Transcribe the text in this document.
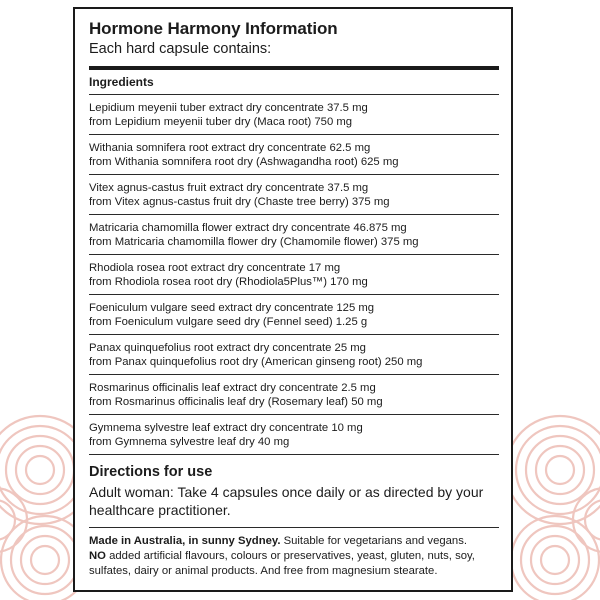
Hormone Harmony Information

Each hard capsule contains:

Ingredients
Lepidium meyenii tuber extract dry concentrate 37.5 mg
from Lepidium meyenii tuber dry (Maca root) 750 mg
Withania somnifera root extract dry concentrate 62.5 mg
from Withania somnifera root dry (Ashwagandha root) 625 mg
Vitex agnus-castus fruit extract dry concentrate 37.5 mg
from Vitex agnus-castus fruit dry (Chaste tree berry) 375 mg
Matricaria chamomilla flower extract dry concentrate 46.875 mg
from Matricaria chamomilla flower dry (Chamomile flower) 375 mg
Rhodiola rosea root extract dry concentrate 17 mg
from Rhodiola rosea root dry (Rhodiola5Plus™) 170 mg
Foeniculum vulgare seed extract dry concentrate 125 mg
from Foeniculum vulgare seed dry (Fennel seed) 1.25 g
Panax quinquefolius root extract dry concentrate 25 mg
from Panax quinquefolius root dry (American ginseng root) 250 mg
Rosmarinus officinalis leaf extract dry concentrate 2.5 mg
from Rosmarinus officinalis leaf dry (Rosemary leaf) 50 mg
Gymnema sylvestre leaf extract dry concentrate 10 mg
from Gymnema sylvestre leaf dry 40 mg
Directions for use

Adult woman: Take 4 capsules once daily or as directed by your healthcare practitioner.

Made in Australia, in sunny Sydney. Suitable for vegetarians and vegans.
NO added artificial flavours, colours or preservatives, yeast, gluten, nuts, soy, sulfates, dairy or animal products. And free from magnesium stearate.
